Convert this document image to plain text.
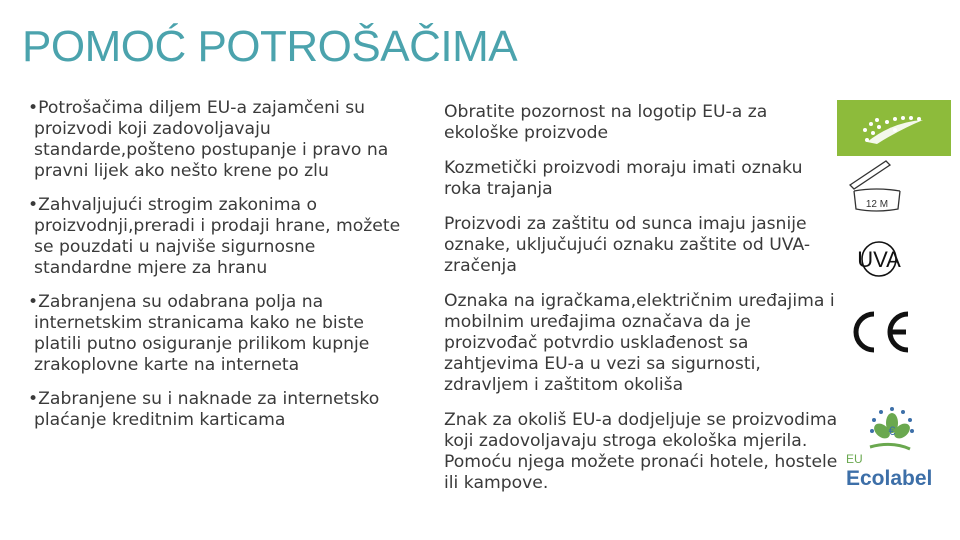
POMOĆ POTROŠAČIMA
•Potrošačima diljem EU-a zajamčeni su proizvodi koji zadovoljavaju standarde,pošteno postupanje i pravo na pravni lijek ako nešto krene po zlu
•Zahvaljujući strogim zakonima o proizvodnji,preradi i prodaji hrane, možete se pouzdati u najviše sigurnosne standardne mjere za hranu
•Zabranjena su odabrana polja na internetskim stranicama kako ne biste platili putno osiguranje prilikom kupnje zrakoplovne karte na interneta
•Zabranjene su i naknade za internetsko plaćanje kreditnim karticama
Obratite pozornost na logotip EU-a za ekološke proizvode
Kozmetički proizvodi moraju imati oznaku roka trajanja
Proizvodi za zaštitu od sunca imaju jasnije oznake, uključujući oznaku zaštite od UVA-zračenja
Oznaka na igračkama,električnim uređajima i mobilnim uređajima označava da je proizvođač potvrdio usklađenost sa zahtjevima EU-a u vezi sa sigurnosti, zdravljem i zaštitom okoliša
Znak za okoliš EU-a dodjeljuje se proizvodima koji zadovoljavaju stroga ekološka mjerila. Pomoću njega možete pronaći hotele, hostele ili kampove.
12 M
UVA
€
EU
Ecolabel
